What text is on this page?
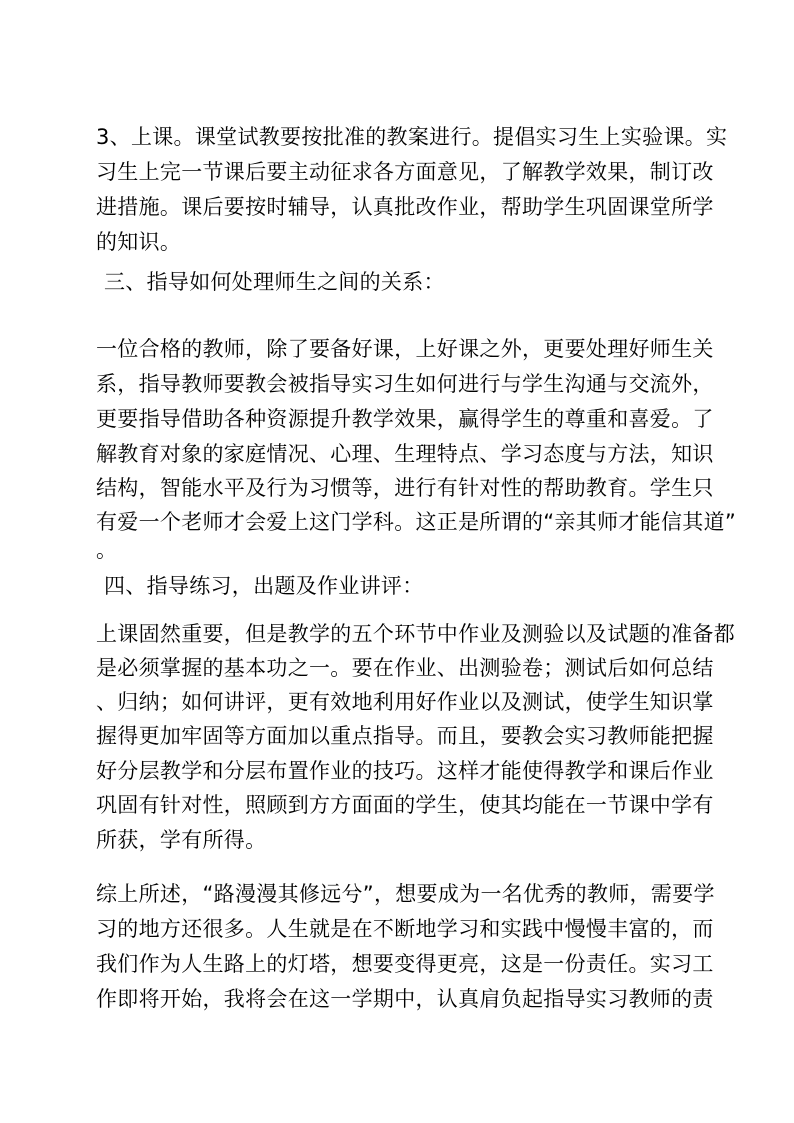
3、上课。课堂试教要按批准的教案进行。提倡实习生上实验课。实
习生上完一节课后要主动征求各方面意见，了解教学效果，制订改
进措施。课后要按时辅导，认真批改作业，帮助学生巩固课堂所学
的知识。
三、指导如何处理师生之间的关系：
一位合格的教师，除了要备好课，上好课之外，更要处理好师生关
系，指导教师要教会被指导实习生如何进行与学生沟通与交流外，
更要指导借助各种资源提升教学效果，赢得学生的尊重和喜爱。了
解教育对象的家庭情况、心理、生理特点、学习态度与方法，知识
结构，智能水平及行为习惯等，进行有针对性的帮助教育。学生只
有爱一个老师才会爱上这门学科。这正是所谓的“亲其师才能信其道”
。
四、指导练习，出题及作业讲评：
上课固然重要，但是教学的五个环节中作业及测验以及试题的准备都
是必须掌握的基本功之一。要在作业、出测验卷；测试后如何总结
、归纳；如何讲评，更有效地利用好作业以及测试，使学生知识掌
握得更加牢固等方面加以重点指导。而且，要教会实习教师能把握
好分层教学和分层布置作业的技巧。这样才能使得教学和课后作业
巩固有针对性，照顾到方方面面的学生，使其均能在一节课中学有
所获，学有所得。
综上所述，“路漫漫其修远兮”，想要成为一名优秀的教师，需要学
习的地方还很多。人生就是在不断地学习和实践中慢慢丰富的，而
我们作为人生路上的灯塔，想要变得更亮，这是一份责任。实习工
作即将开始，我将会在这一学期中，认真肩负起指导实习教师的责
